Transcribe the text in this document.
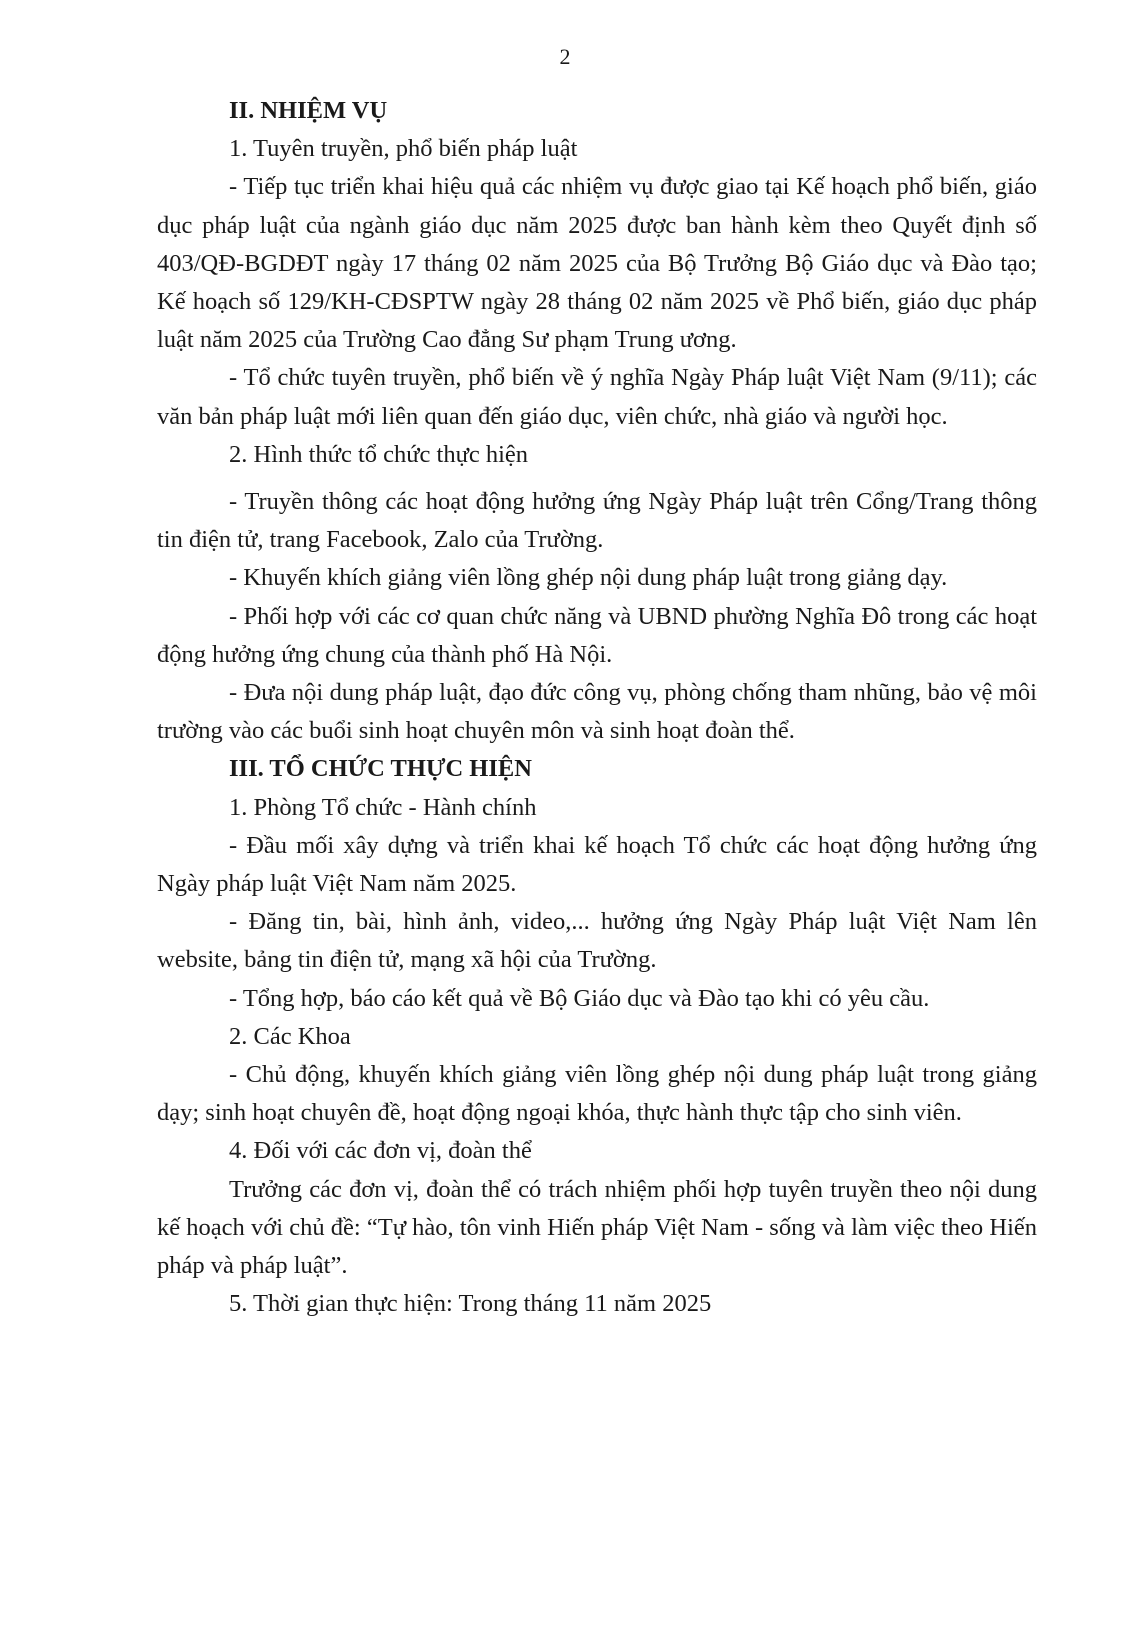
2

II. NHIỆM VỤ

1. Tuyên truyền, phổ biến pháp luật

- Tiếp tục triển khai hiệu quả các nhiệm vụ được giao tại Kế hoạch phổ biến, giáo dục pháp luật của ngành giáo dục năm 2025 được ban hành kèm theo Quyết định số 403/QĐ-BGDĐT ngày 17 tháng 02 năm 2025 của Bộ Trưởng Bộ Giáo dục và Đào tạo; Kế hoạch số 129/KH-CĐSPTW ngày 28 tháng 02 năm 2025 về Phổ biến, giáo dục pháp luật năm 2025 của Trường Cao đẳng Sư phạm Trung ương.

- Tổ chức tuyên truyền, phổ biến về ý nghĩa Ngày Pháp luật Việt Nam (9/11); các văn bản pháp luật mới liên quan đến giáo dục, viên chức, nhà giáo và người học.

2. Hình thức tổ chức thực hiện

- Truyền thông các hoạt động hưởng ứng Ngày Pháp luật trên Cổng/Trang thông tin điện tử, trang Facebook, Zalo của Trường.

- Khuyến khích giảng viên lồng ghép nội dung pháp luật trong giảng dạy.

- Phối hợp với các cơ quan chức năng và UBND phường Nghĩa Đô trong các hoạt động hưởng ứng chung của thành phố Hà Nội.

- Đưa nội dung pháp luật, đạo đức công vụ, phòng chống tham nhũng, bảo vệ môi trường vào các buổi sinh hoạt chuyên môn và sinh hoạt đoàn thể.

III. TỔ CHỨC THỰC HIỆN

1. Phòng Tổ chức - Hành chính

- Đầu mối xây dựng và triển khai kế hoạch Tổ chức các hoạt động hưởng ứng Ngày pháp luật Việt Nam năm 2025.

- Đăng tin, bài, hình ảnh, video,... hưởng ứng Ngày Pháp luật Việt Nam lên website, bảng tin điện tử, mạng xã hội của Trường.

- Tổng hợp, báo cáo kết quả về Bộ Giáo dục và Đào tạo khi có yêu cầu.

2. Các Khoa

- Chủ động, khuyến khích giảng viên lồng ghép nội dung pháp luật trong giảng dạy; sinh hoạt chuyên đề, hoạt động ngoại khóa, thực hành thực tập cho sinh viên.

4. Đối với các đơn vị, đoàn thể

Trưởng các đơn vị, đoàn thể có trách nhiệm phối hợp tuyên truyền theo nội dung kế hoạch với chủ đề: “Tự hào, tôn vinh Hiến pháp Việt Nam - sống và làm việc theo Hiến pháp và pháp luật”.

5. Thời gian thực hiện: Trong tháng 11 năm 2025
